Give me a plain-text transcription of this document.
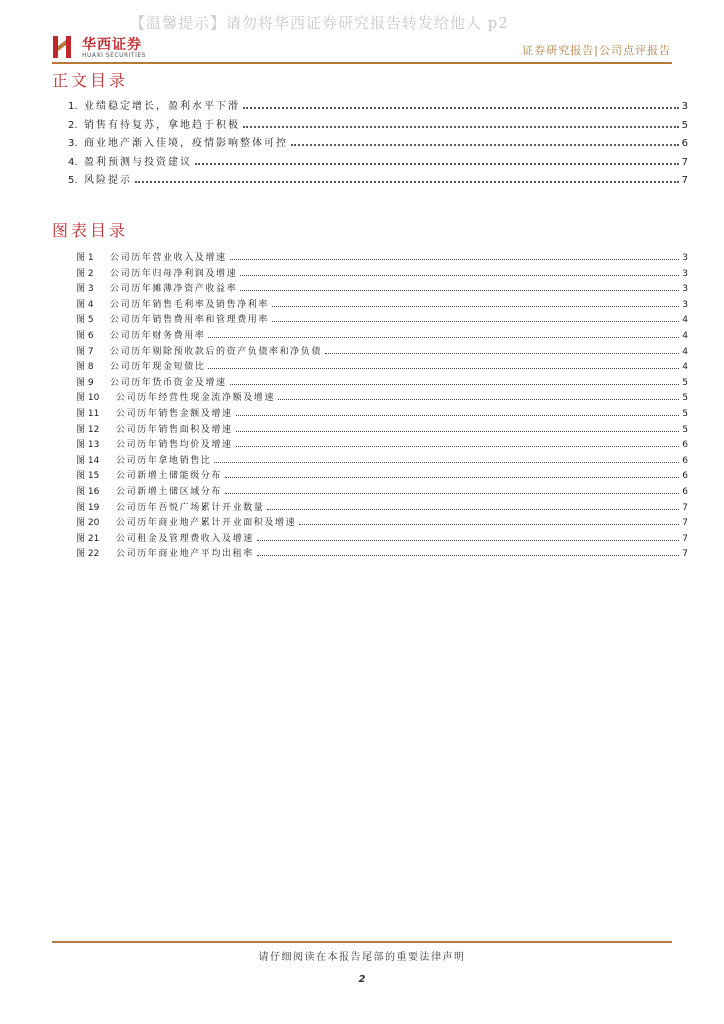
【温馨提示】请勿将华西证券研究报告转发给他人 p2
华西证券
HUAXI SECURITIES	证券研究报告|公司点评报告
正文目录
1. 业绩稳定增长，盈利水平下滑	3
2. 销售有待复苏，拿地趋于积极	5
3. 商业地产渐入佳境，疫情影响整体可控	6
4. 盈利预测与投资建议	7
5. 风险提示	7
图表目录
图 1	公司历年营业收入及增速	3
图 2	公司历年归母净利润及增速	3
图 3	公司历年摊薄净资产收益率	3
图 4	公司历年销售毛利率及销售净利率	3
图 5	公司历年销售费用率和管理费用率	4
图 6	公司历年财务费用率	4
图 7	公司历年剔除预收款后的资产负债率和净负债	4
图 8	公司历年现金短债比	4
图 9	公司历年货币资金及增速	5
图 10	公司历年经营性现金流净额及增速	5
图 11	公司历年销售金额及增速	5
图 12	公司历年销售面积及增速	5
图 13	公司历年销售均价及增速	6
图 14	公司历年拿地销售比	6
图 15	公司新增土储能级分布	6
图 16	公司新增土储区域分布	6
图 19	公司历年吾悦广场累计开业数量	7
图 20	公司历年商业地产累计开业面积及增速	7
图 21	公司租金及管理费收入及增速	7
图 22	公司历年商业地产平均出租率	7
请仔细阅读在本报告尾部的重要法律声明
2
